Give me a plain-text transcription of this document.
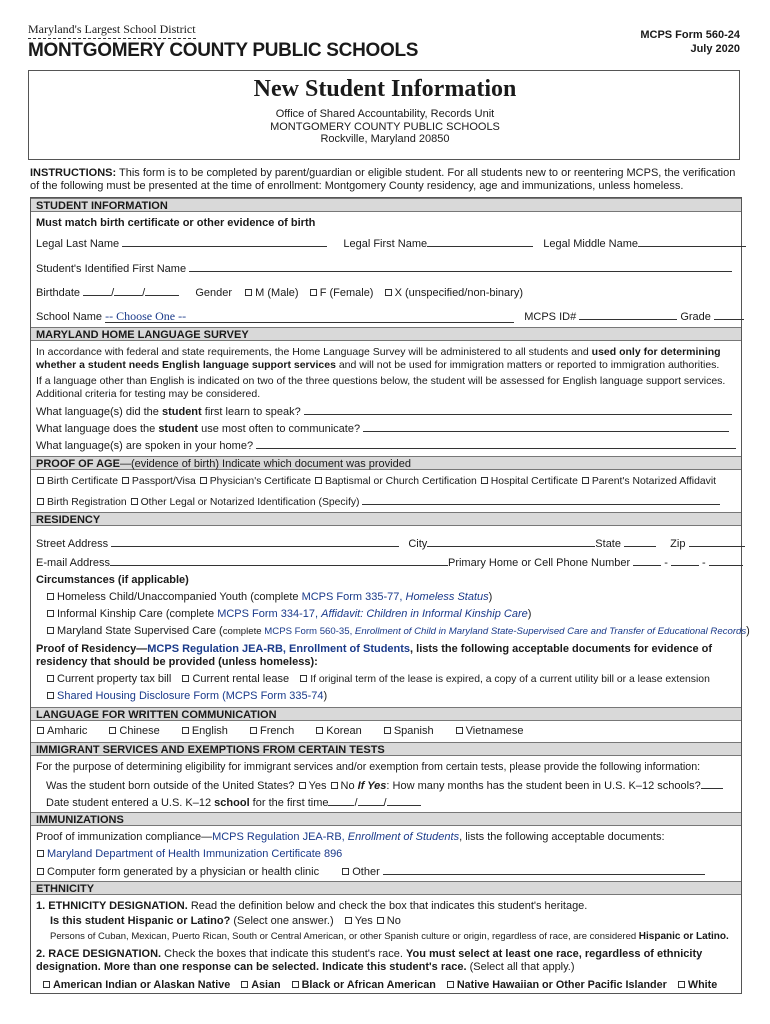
Maryland's Largest School District
MONTGOMERY COUNTY PUBLIC SCHOOLS
MCPS Form 560-24
July 2020
New Student Information
Office of Shared Accountability, Records Unit
MONTGOMERY COUNTY PUBLIC SCHOOLS
Rockville, Maryland 20850
INSTRUCTIONS: This form is to be completed by parent/guardian or eligible student. For all students new to or reentering MCPS, the verification of the following must be presented at the time of enrollment: Montgomery County residency, age and immunizations, unless homeless.
STUDENT INFORMATION
Must match birth certificate or other evidence of birth
Legal Last Name	Legal First Name	Legal Middle Name
Student's Identified First Name
Birthdate	/	/	Gender M (Male) F (Female) X (unspecified/non-binary)
School Name -- Choose One --	MCPS ID#	Grade
MARYLAND HOME LANGUAGE SURVEY
In accordance with federal and state requirements, the Home Language Survey will be administered to all students and used only for determining whether a student needs English language support services and will not be used for immigration matters or reported to immigration authorities.
If a language other than English is indicated on two of the three questions below, the student will be assessed for English language support services. Additional criteria for testing may be considered.
What language(s) did the student first learn to speak?
What language does the student use most often to communicate?
What language(s) are spoken in your home?
PROOF OF AGE—(evidence of birth) Indicate which document was provided
Birth Certificate Passport/Visa Physician's Certificate Baptismal or Church Certification Hospital Certificate Parent's Notarized Affidavit
Birth Registration Other Legal or Notarized Identification (Specify)
RESIDENCY
Street Address	City	State	Zip
E-mail Address	Primary Home or Cell Phone Number	-	-
Circumstances (if applicable)
Homeless Child/Unaccompanied Youth (complete MCPS Form 335-77, Homeless Status)
Informal Kinship Care (complete MCPS Form 334-17, Affidavit: Children in Informal Kinship Care)
Maryland State Supervised Care (complete MCPS Form 560-35, Enrollment of Child in Maryland State-Supervised Care and Transfer of Educational Records)
Proof of Residency—MCPS Regulation JEA-RB, Enrollment of Students, lists the following acceptable documents for evidence of residency that should be provided (unless homeless):
Current property tax bill Current rental lease If original term of the lease is expired, a copy of a current utility bill or a lease extension
Shared Housing Disclosure Form (MCPS Form 335-74)
LANGUAGE FOR WRITTEN COMMUNICATION
Amharic	Chinese	English	French	Korean	Spanish	Vietnamese
IMMIGRANT SERVICES AND EXEMPTIONS FROM CERTAIN TESTS
For the purpose of determining eligibility for immigrant services and/or exemption from certain tests, please provide the following information:
Was the student born outside of the United States? Yes No If Yes: How many months has the student been in U.S. K–12 schools?
Date student entered a U.S. K–12 school for the first time / /
IMMUNIZATIONS
Proof of immunization compliance—MCPS Regulation JEA-RB, Enrollment of Students, lists the following acceptable documents:
Maryland Department of Health Immunization Certificate 896
Computer form generated by a physician or health clinic	Other
ETHNICITY
1. ETHNICITY DESIGNATION. Read the definition below and check the box that indicates this student's heritage.
Is this student Hispanic or Latino? (Select one answer.) Yes No
Persons of Cuban, Mexican, Puerto Rican, South or Central American, or other Spanish culture or origin, regardless of race, are considered Hispanic or Latino.
2. RACE DESIGNATION. Check the boxes that indicate this student's race. You must select at least one race, regardless of ethnicity designation. More than one response can be selected. Indicate this student's race. (Select all that apply.)
American Indian or Alaskan Native Asian Black or African American Native Hawaiian or Other Pacific Islander White
